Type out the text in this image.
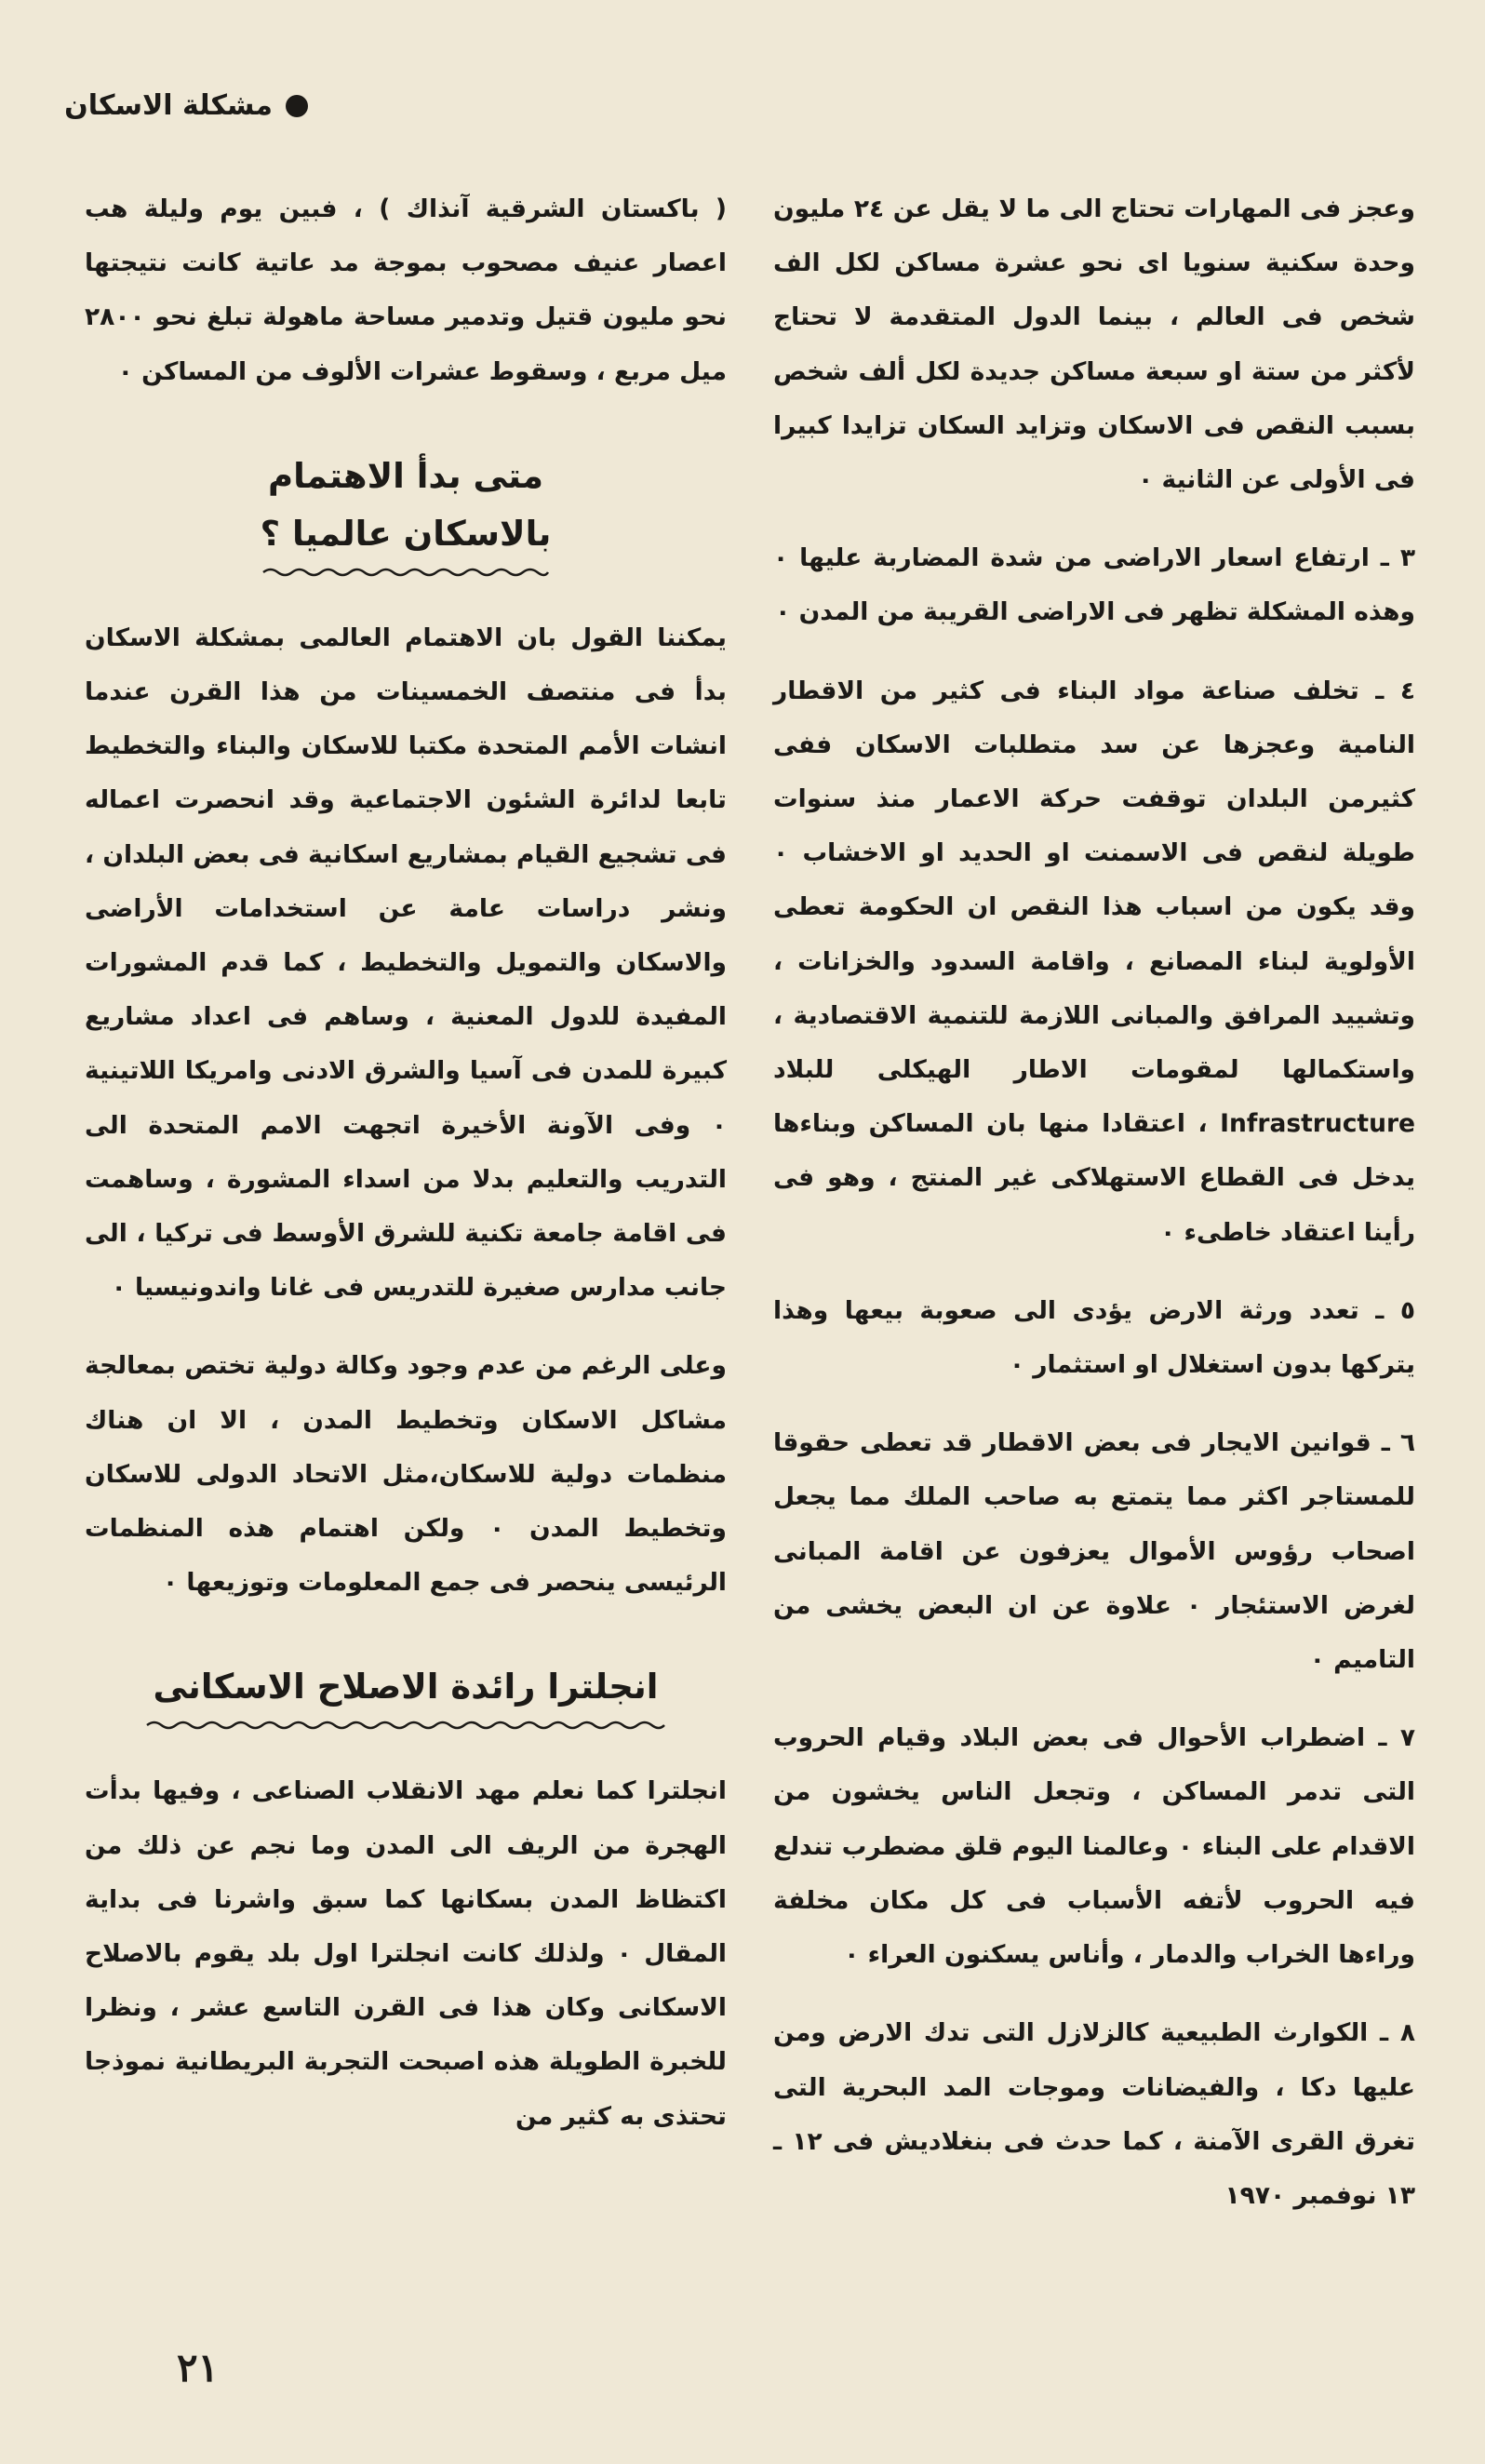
مشكلة الاسكان

وعجز فى المهارات تحتاج الى ما لا يقل عن ٢٤ مليون وحدة سكنية سنويا اى نحو عشرة مساكن لكل الف شخص فى العالم ، بينما الدول المتقدمة لا تحتاج لأكثر من ستة او سبعة مساكن جديدة لكل ألف شخص بسبب النقص فى الاسكان وتزايد السكان تزايدا كبيرا فى الأولى عن الثانية ٠

٣ ـ ارتفاع اسعار الاراضى من شدة المضاربة عليها ٠ وهذه المشكلة تظهر فى الاراضى القريبة من المدن ٠

٤ ـ تخلف صناعة مواد البناء فى كثير من الاقطار النامية وعجزها عن سد متطلبات الاسكان ففى كثيرمن البلدان توقفت حركة الاعمار منذ سنوات طويلة لنقص فى الاسمنت او الحديد او الاخشاب ٠ وقد يكون من اسباب هذا النقص ان الحكومة تعطى الأولوية لبناء المصانع ، واقامة السدود والخزانات ، وتشييد المرافق والمبانى اللازمة للتنمية الاقتصادية ، واستكمالها لمقومات الاطار الهيكلى للبلاد Infrastructure ، اعتقادا منها بان المساكن وبناءها يدخل فى القطاع الاستهلاكى غير المنتج ، وهو فى رأينا اعتقاد خاطىء ٠

٥ ـ تعدد ورثة الارض يؤدى الى صعوبة بيعها وهذا يتركها بدون استغلال او استثمار ٠

٦ ـ قوانين الايجار فى بعض الاقطار قد تعطى حقوقا للمستاجر اكثر مما يتمتع به صاحب الملك مما يجعل اصحاب رؤوس الأموال يعزفون عن اقامة المبانى لغرض الاستئجار ٠ علاوة عن ان البعض يخشى من التاميم ٠

٧ ـ اضطراب الأحوال فى بعض البلاد وقيام الحروب التى تدمر المساكن ، وتجعل الناس يخشون من الاقدام على البناء ٠ وعالمنا اليوم قلق مضطرب تندلع فيه الحروب لأتفه الأسباب فى كل مكان مخلفة وراءها الخراب والدمار ، وأناس يسكنون العراء ٠

٨ ـ الكوارث الطبيعية كالزلازل التى تدك الارض ومن عليها دكا ، والفيضانات وموجات المد البحرية التى تغرق القرى الآمنة ، كما حدث فى بنغلاديش فى ١٢ ـ ١٣ نوفمبر ١٩٧٠

( باكستان الشرقية آنذاك ) ، فبين يوم وليلة هب اعصار عنيف مصحوب بموجة مد عاتية كانت نتيجتها نحو مليون قتيل وتدمير مساحة ماهولة تبلغ نحو ٢٨٠٠ ميل مربع ، وسقوط عشرات الألوف من المساكن ٠

متى بدأ الاهتمام
بالاسكان عالميا ؟

يمكننا القول بان الاهتمام العالمى بمشكلة الاسكان بدأ فى منتصف الخمسينات من هذا القرن عندما انشات الأمم المتحدة مكتبا للاسكان والبناء والتخطيط تابعا لدائرة الشئون الاجتماعية وقد انحصرت اعماله فى تشجيع القيام بمشاريع اسكانية فى بعض البلدان ، ونشر دراسات عامة عن استخدامات الأراضى والاسكان والتمويل والتخطيط ، كما قدم المشورات المفيدة للدول المعنية ، وساهم فى اعداد مشاريع كبيرة للمدن فى آسيا والشرق الادنى وامريكا اللاتينية ٠ وفى الآونة الأخيرة اتجهت الامم المتحدة الى التدريب والتعليم بدلا من اسداء المشورة ، وساهمت فى اقامة جامعة تكنية للشرق الأوسط فى تركيا ، الى جانب مدارس صغيرة للتدريس فى غانا واندونيسيا ٠

وعلى الرغم من عدم وجود وكالة دولية تختص بمعالجة مشاكل الاسكان وتخطيط المدن ، الا ان هناك منظمات دولية للاسكان،مثل الاتحاد الدولى للاسكان وتخطيط المدن ٠ ولكن اهتمام هذه المنظمات الرئيسى ينحصر فى جمع المعلومات وتوزيعها ٠

انجلترا رائدة الاصلاح الاسكانى

انجلترا كما نعلم مهد الانقلاب الصناعى ، وفيها بدأت الهجرة من الريف الى المدن وما نجم عن ذلك من اكتظاظ المدن بسكانها كما سبق واشرنا فى بداية المقال ٠ ولذلك كانت انجلترا اول بلد يقوم بالاصلاح الاسكانى وكان هذا فى القرن التاسع عشر ، ونظرا للخبرة الطويلة هذه اصبحت التجربة البريطانية نموذجا تحتذى به كثير من

٢١
